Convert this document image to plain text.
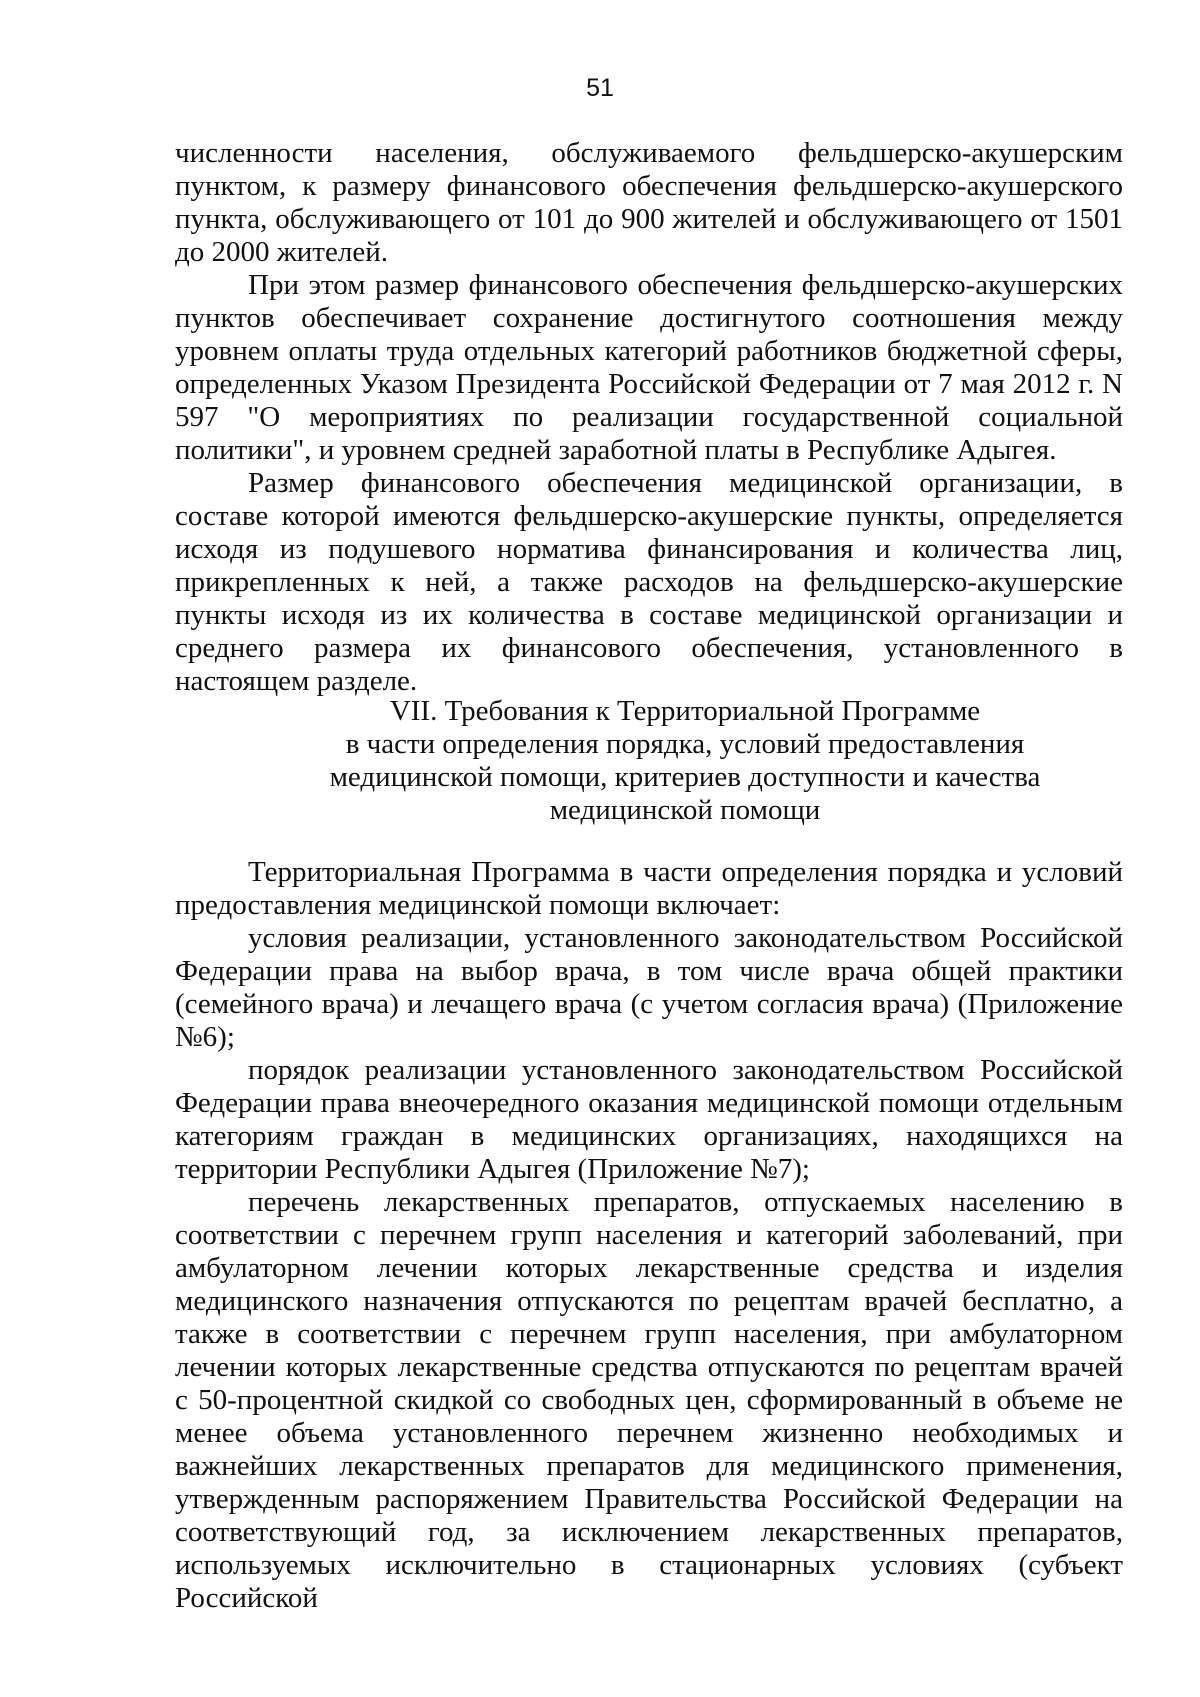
51

численности населения, обслуживаемого фельдшерско-акушерским пунктом, к размеру финансового обеспечения фельдшерско-акушерского пункта, обслуживающего от 101 до 900 жителей и обслуживающего от 1501 до 2000 жителей.

При этом размер финансового обеспечения фельдшерско-акушерских пунктов обеспечивает сохранение достигнутого соотношения между уровнем оплаты труда отдельных категорий работников бюджетной сферы, определенных Указом Президента Российской Федерации от 7 мая 2012 г. N 597 "О мероприятиях по реализации государственной социальной политики", и уровнем средней заработной платы в Республике Адыгея.

Размер финансового обеспечения медицинской организации, в составе которой имеются фельдшерско-акушерские пункты, определяется исходя из подушевого норматива финансирования и количества лиц, прикрепленных к ней, а также расходов на фельдшерско-акушерские пункты исходя из их количества в составе медицинской организации и среднего размера их финансового обеспечения, установленного в настоящем разделе.

VII. Требования к Территориальной Программе
в части определения порядка, условий предоставления
медицинской помощи, критериев доступности и качества
медицинской помощи

Территориальная Программа в части определения порядка и условий предоставления медицинской помощи включает:

условия реализации, установленного законодательством Российской Федерации права на выбор врача, в том числе врача общей практики (семейного врача) и лечащего врача (с учетом согласия врача) (Приложение №6);

порядок реализации установленного законодательством Российской Федерации права внеочередного оказания медицинской помощи отдельным категориям граждан в медицинских организациях, находящихся на территории Республики Адыгея (Приложение №7);

перечень лекарственных препаратов, отпускаемых населению в соответствии с перечнем групп населения и категорий заболеваний, при амбулаторном лечении которых лекарственные средства и изделия медицинского назначения отпускаются по рецептам врачей бесплатно, а также в соответствии с перечнем групп населения, при амбулаторном лечении которых лекарственные средства отпускаются по рецептам врачей с 50-процентной скидкой со свободных цен, сформированный в объеме не менее объема установленного перечнем жизненно необходимых и важнейших лекарственных препаратов для медицинского применения, утвержденным распоряжением Правительства Российской Федерации на соответствующий год, за исключением лекарственных препаратов, используемых исключительно в стационарных условиях (субъект Российской
